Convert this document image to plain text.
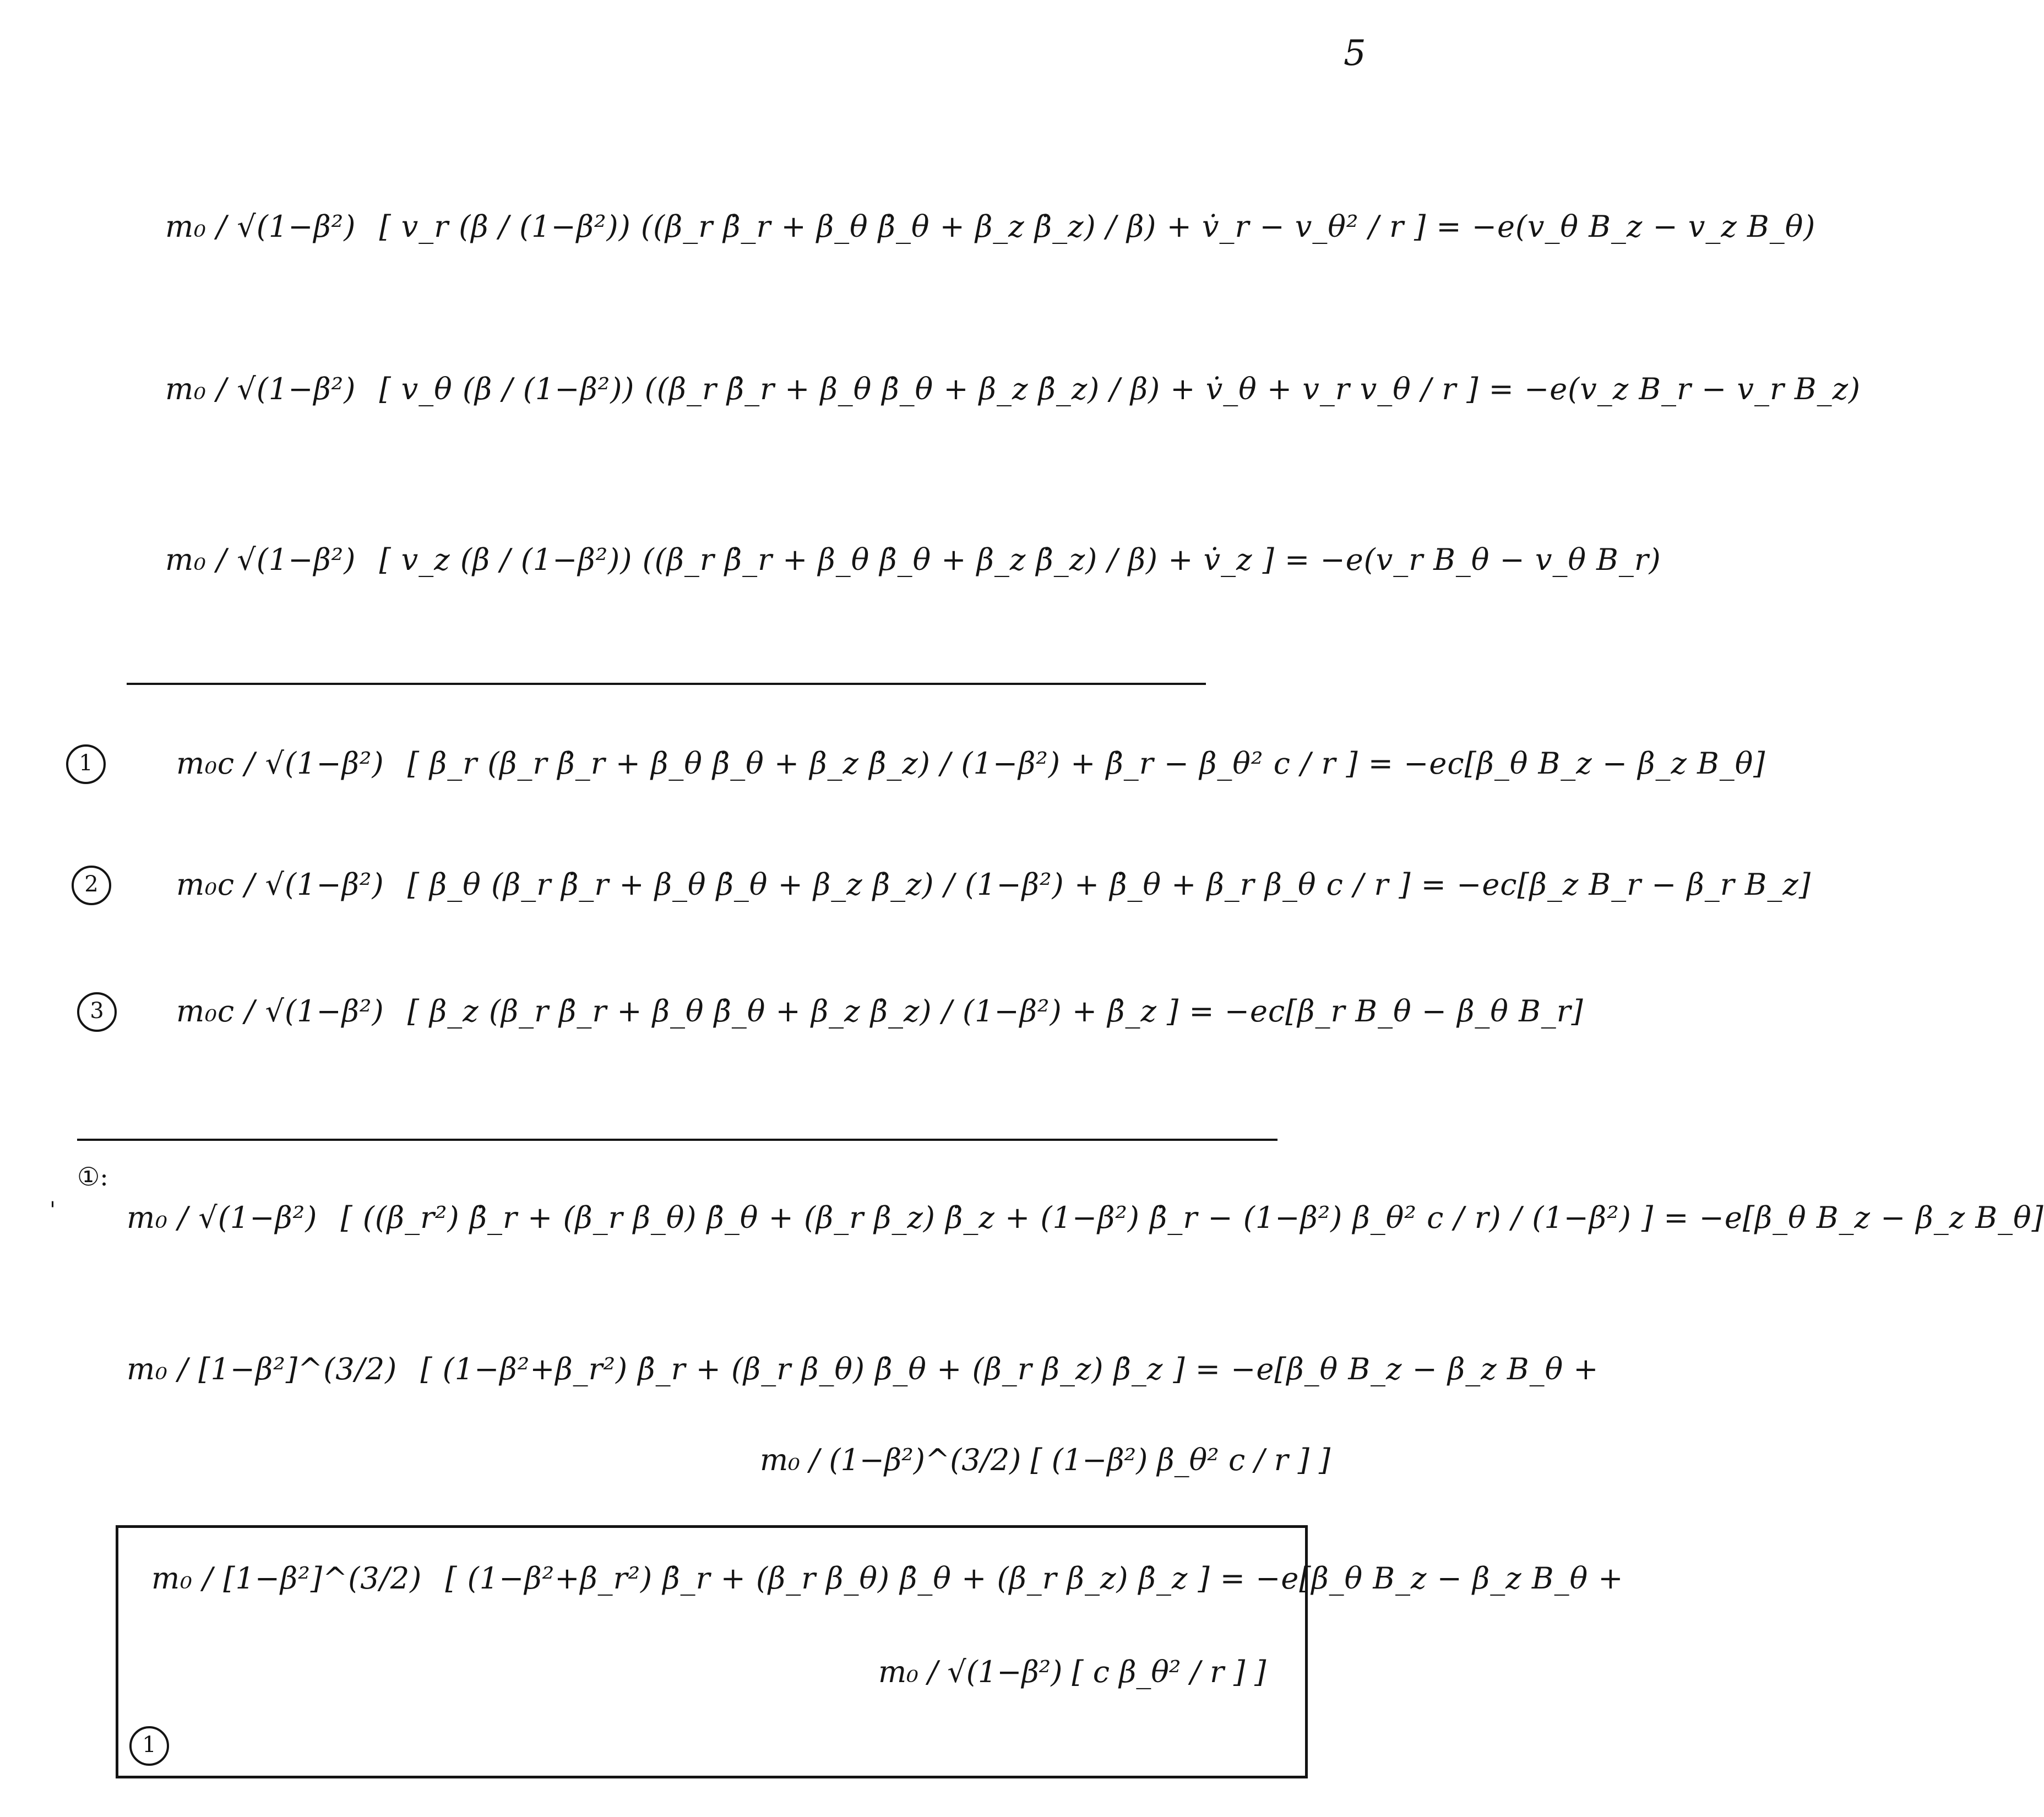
5
m₀ / √(1−β²) [ v_r (β / (1−β²)) ((β_r β̇_r + β_θ β̇_θ + β_z β̇_z) / β) + v̇_r − v_θ² / r ] = −e(v_θ B_z − v_z B_θ)
m₀ / √(1−β²) [ v_θ (β / (1−β²)) ((β_r β̇_r + β_θ β̇_θ + β_z β̇_z) / β) + v̇_θ + v_r v_θ / r ] = −e(v_z B_r − v_r B_z)
m₀ / √(1−β²) [ v_z (β / (1−β²)) ((β_r β̇_r + β_θ β̇_θ + β_z β̇_z) / β) + v̇_z ] = −e(v_r B_θ − v_θ B_r)
1	m₀c / √(1−β²) [ β_r (β_r β̇_r + β_θ β̇_θ + β_z β̇_z) / (1−β²) + β̇_r − β_θ² c / r ] = −ec[β_θ B_z − β_z B_θ]
2	m₀c / √(1−β²) [ β_θ (β_r β̇_r + β_θ β̇_θ + β_z β̇_z) / (1−β²) + β̇_θ + β_r β_θ c / r ] = −ec[β_z B_r − β_r B_z]
3	m₀c / √(1−β²) [ β_z (β_r β̇_r + β_θ β̇_θ + β_z β̇_z) / (1−β²) + β̇_z ] = −ec[β_r B_θ − β_θ B_r]
①:
' m₀ / √(1−β²) [ ((β_r²) β̇_r + (β_r β_θ) β̇_θ + (β_r β_z) β̇_z + (1−β²) β̇_r − (1−β²) β_θ² c / r) / (1−β²) ] = −e[β_θ B_z − β_z B_θ]
m₀ / [1−β²]^(3/2) [ (1−β²+β_r²) β̇_r + (β_r β_θ) β̇_θ + (β_r β_z) β̇_z ] = −e[β_θ B_z − β_z B_θ +
m₀ / (1−β²)^(3/2) [ (1−β²) β_θ² c / r ] ]
m₀ / [1−β²]^(3/2) [ (1−β²+β_r²) β̇_r + (β_r β_θ) β̇_θ + (β_r β_z) β̇_z ] = −e[β_θ B_z − β_z B_θ +
m₀ / √(1−β²) [ c β_θ² / r ] ]
1
